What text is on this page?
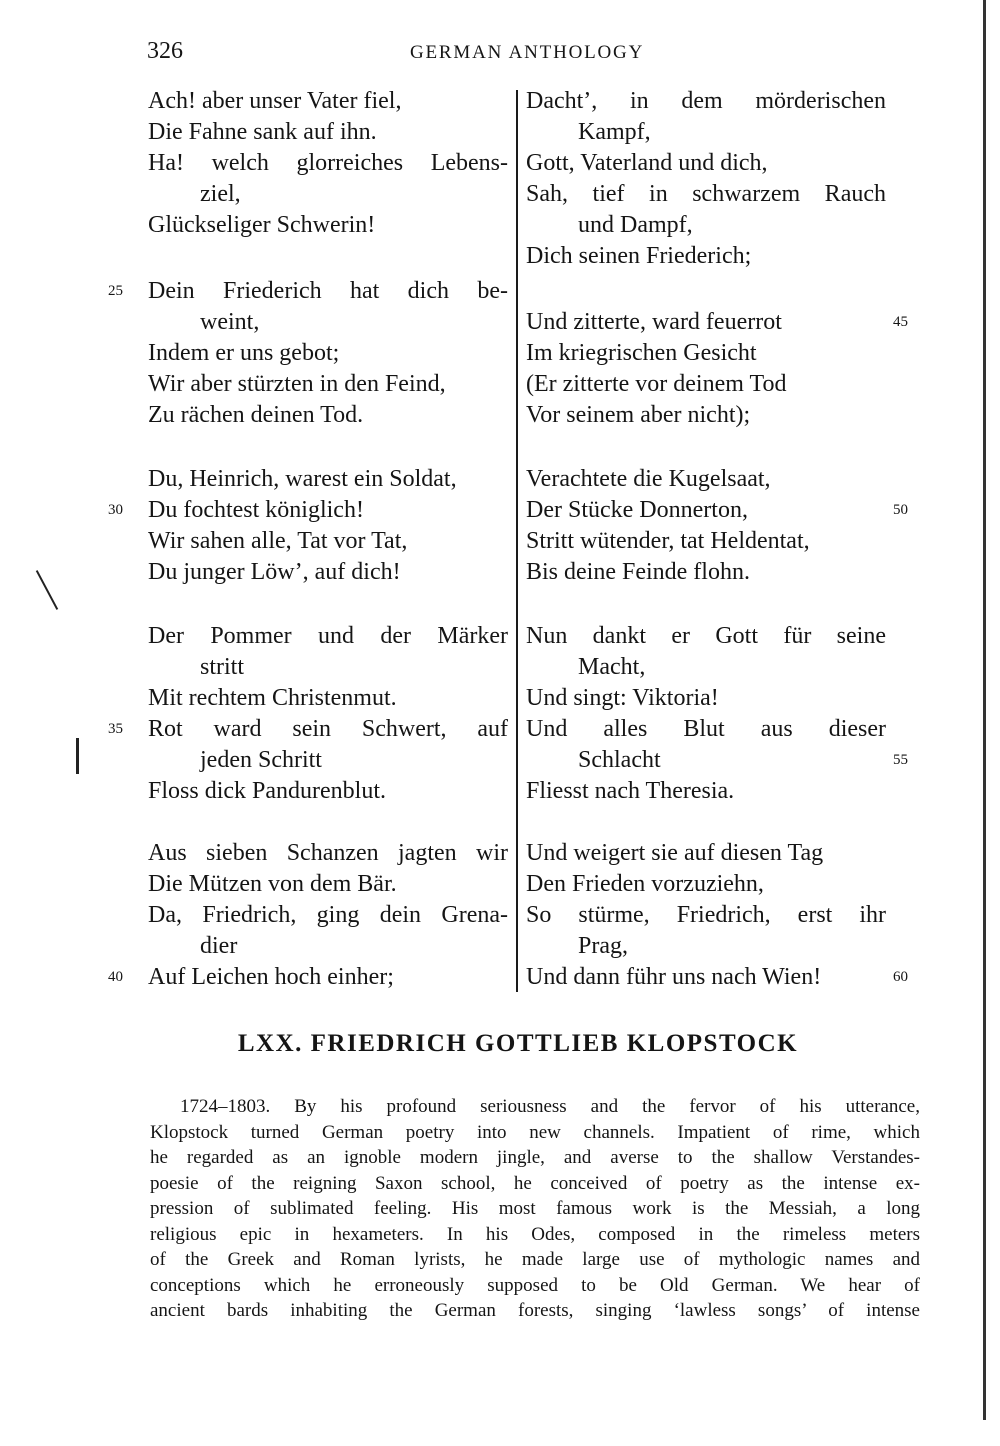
326	GERMAN ANTHOLOGY
Ach! aber unser Vater fiel,
Die Fahne sank auf ihn.
Ha! welch glorreiches Lebens-
ziel,
Glückseliger Schwerin!
Dein Friederich hat dich be-
weint,
Indem er uns gebot;
Wir aber stürzten in den Feind,
Zu rächen deinen Tod.
Du, Heinrich, warest ein Soldat,
Du fochtest königlich!
Wir sahen alle, Tat vor Tat,
Du junger Löw’, auf dich!
Der Pommer und der Märker
stritt
Mit rechtem Christenmut.
Rot ward sein Schwert, auf
jeden Schritt
Floss dick Pandurenblut.
Aus sieben Schanzen jagten wir
Die Mützen von dem Bär.
Da, Friedrich, ging dein Grena-
dier
Auf Leichen hoch einher;
Dacht’, in dem mörderischen
Kampf,
Gott, Vaterland und dich,
Sah, tief in schwarzem Rauch
und Dampf,
Dich seinen Friederich;
Und zitterte, ward feuerrot
Im kriegrischen Gesicht
(Er zitterte vor deinem Tod
Vor seinem aber nicht);
Verachtete die Kugelsaat,
Der Stücke Donnerton,
Stritt wütender, tat Heldentat,
Bis deine Feinde flohn.
Nun dankt er Gott für seine
Macht,
Und singt: Viktoria!
Und alles Blut aus dieser
Schlacht
Fliesst nach Theresia.
Und weigert sie auf diesen Tag
Den Frieden vorzuziehn,
So stürme, Friedrich, erst ihr
Prag,
Und dann führ uns nach Wien!
25
30
35
40
45
50
55
60
LXX. FRIEDRICH GOTTLIEB KLOPSTOCK
1724–1803. By his profound seriousness and the fervor of his utterance,
Klopstock turned German poetry into new channels. Impatient of rime, which
he regarded as an ignoble modern jingle, and averse to the shallow Verstandes-
poesie of the reigning Saxon school, he conceived of poetry as the intense ex-
pression of sublimated feeling. His most famous work is the Messiah, a long
religious epic in hexameters. In his Odes, composed in the rimeless meters
of the Greek and Roman lyrists, he made large use of mythologic names and
conceptions which he erroneously supposed to be Old German. We hear of
ancient bards inhabiting the German forests, singing ‘lawless songs’ of intense
